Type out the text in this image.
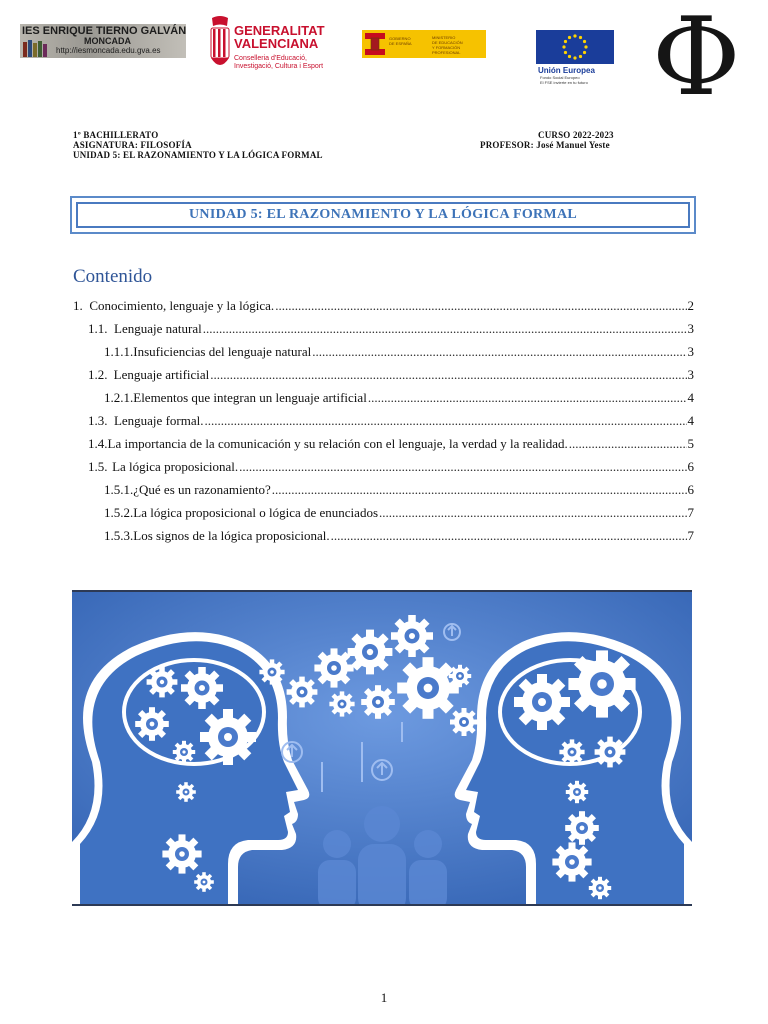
IES ENRIQUE TIERNO GALVÁN
MONCADA
http://iesmoncada.edu.gva.es
GENERALITAT
VALENCIANA
Conselleria d'Educació,
Investigació, Cultura i Esport
GOBIERNO
DE ESPAÑA
MINISTERIO
DE EDUCACIÓN
Y FORMACIÓN PROFESIONAL
Unión Europea
Fondo Social Europeo
El FSE invierte en tu futuro Φ
1º BACHILLERATO
ASIGNATURA: FILOSOFÍA
UNIDAD 5: EL RAZONAMIENTO Y LA LÓGICA FORMAL
CURSO 2022-2023
PROFESOR: José Manuel Yeste
UNIDAD 5: EL RAZONAMIENTO Y LA LÓGICA FORMAL
Contenido
1. Conocimiento, lenguaje y la lógica. .....	2
1.1. Lenguaje natural .....	3
1.1.1. Insuficiencias del lenguaje natural .....	3
1.2. Lenguaje artificial .....	3
1.2.1. Elementos que integran un lenguaje artificial .....	4
1.3. Lenguaje formal. .....	4
1.4. La importancia de la comunicación y su relación con el lenguaje, la verdad y la realidad. .....	5
1.5. La lógica proposicional. .....	6
1.5.1. ¿Qué es un razonamiento? .....	6
1.5.2. La lógica proposicional o lógica de enunciados .....	7
1.5.3. Los signos de la lógica proposicional. .....	7
1
